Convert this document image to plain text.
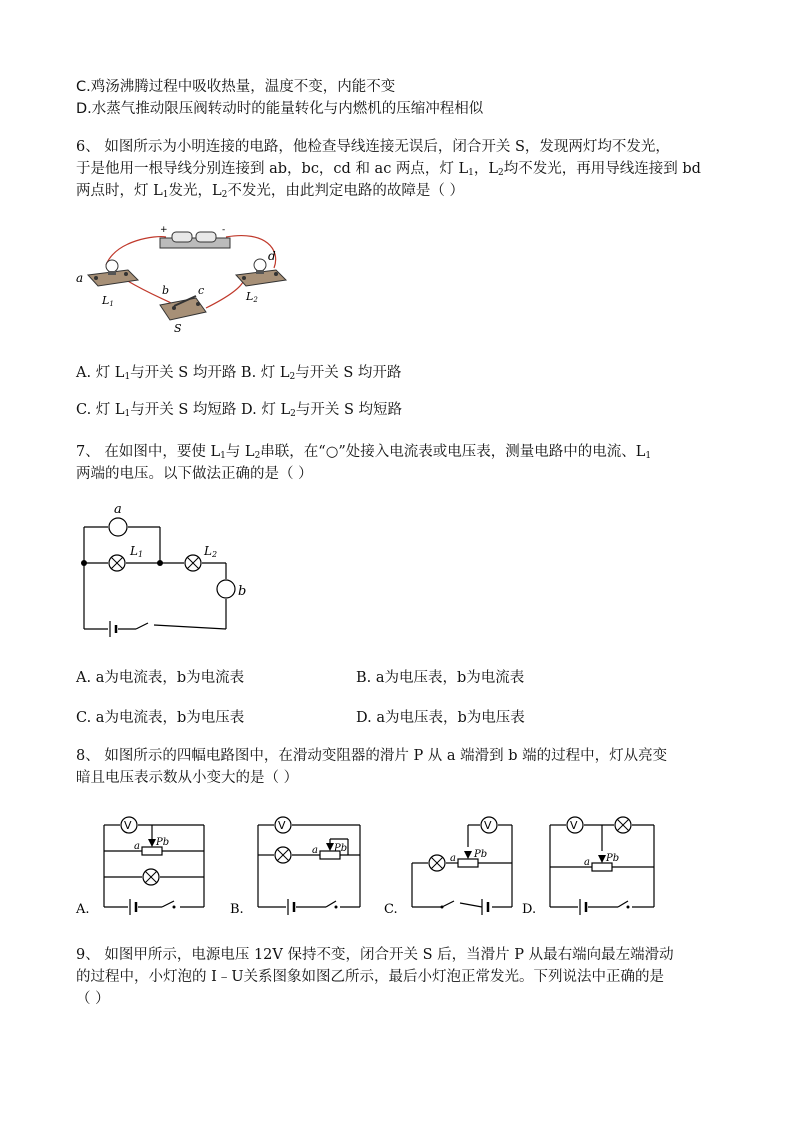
C.鸡汤沸腾过程中吸收热量，温度不变，内能不变
D.水蒸气推动限压阀转动时的能量转化与内燃机的压缩冲程相似
6、 如图所示为小明连接的电路，他检查导线连接无误后，闭合开关 S，发现两灯均不发光，
于是他用一根导线分别连接到 ab，bc，cd 和 ac 两点，灯 $L_1$，$L_2$均不发光，再用导线连接到 bd
两点时，灯 $L_1$发光，$L_2$不发光，由此判定电路的故障是（ ）
+	-
a
b	c
d
L1
L2
S
A. 灯 $L_1$与开关 S 均开路 B. 灯 $L_2$与开关 S 均开路
C. 灯 $L_1$与开关 S 均短路 D. 灯 $L_2$与开关 S 均短路
7、 在如图中，要使 $L_1$与 $L_2$串联，在“○”处接入电流表或电压表，测量电路中的电流、$L_1$
两端的电压。以下做法正确的是（ ）
a
L1	L2
b
A. a为电流表，b为电流表	B. a为电压表，b为电流表
C. a为电流表，b为电压表	D. a为电压表，b为电压表
8、 如图所示的四幅电路图中，在滑动变阻器的滑片 P 从 a 端滑到 b 端的过程中，灯从亮变
暗且电压表示数从小变大的是（ ）
V
a Pb
A.
V
a Pb
B.
V
a Pb
C.
V
a Pb
D.
9、 如图甲所示，电源电压 12V 保持不变，闭合开关 S 后，当滑片 P 从最右端向最左端滑动
的过程中，小灯泡的 I﹣U关系图象如图乙所示，最后小灯泡正常发光。下列说法中正确的是
（ ）
